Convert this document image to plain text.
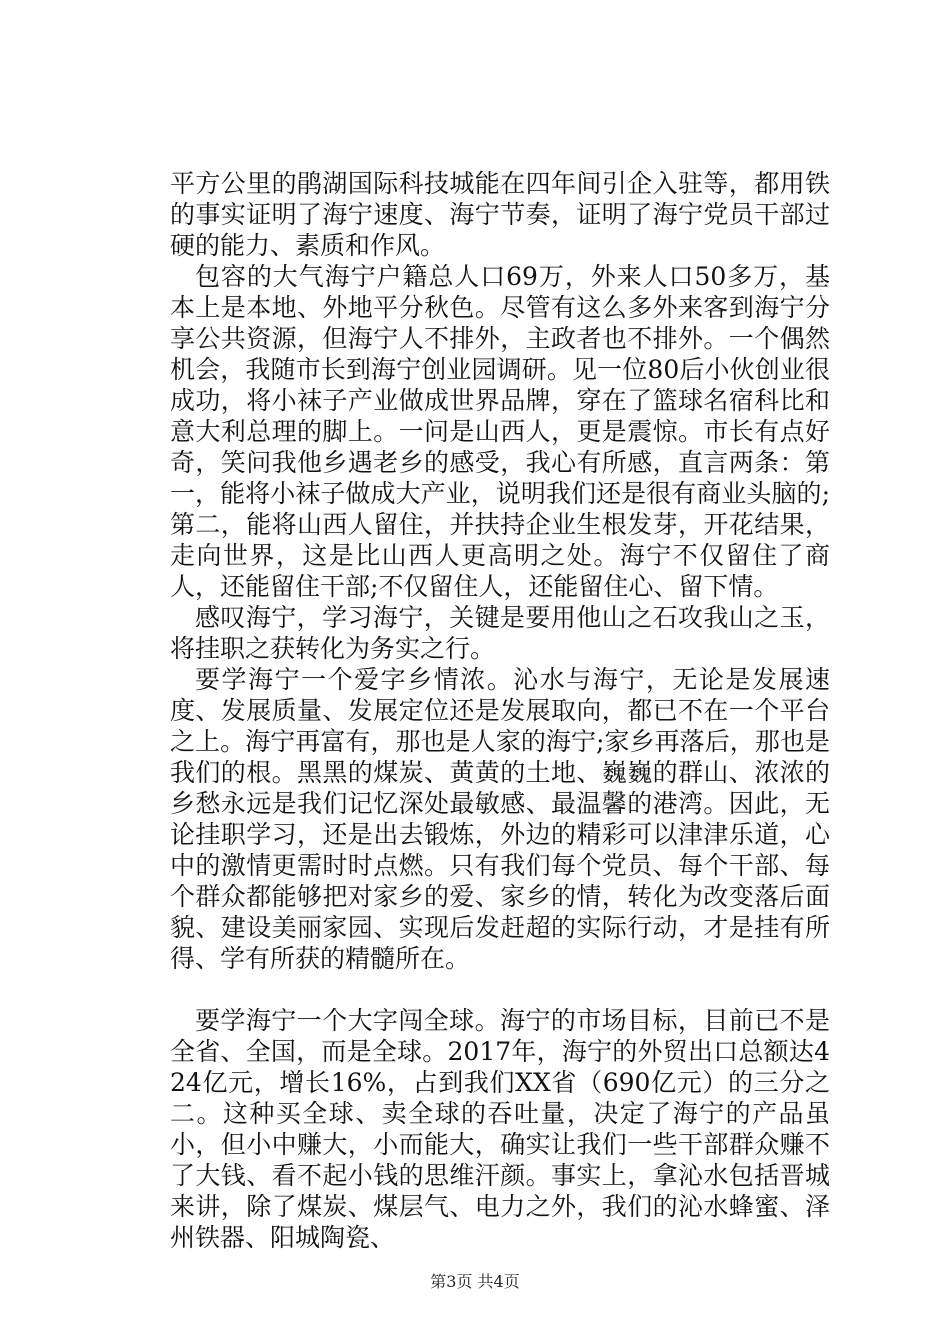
平方公里的鹃湖国际科技城能在四年间引企入驻等，都用铁的事实证明了海宁速度、海宁节奏，证明了海宁党员干部过硬的能力、素质和作风。

包容的大气海宁户籍总人口69万，外来人口50多万，基本上是本地、外地平分秋色。尽管有这么多外来客到海宁分享公共资源，但海宁人不排外，主政者也不排外。一个偶然机会，我随市长到海宁创业园调研。见一位80后小伙创业很成功，将小袜子产业做成世界品牌，穿在了篮球名宿科比和意大利总理的脚上。一问是山西人，更是震惊。市长有点好奇，笑问我他乡遇老乡的感受，我心有所感，直言两条：第一，能将小袜子做成大产业，说明我们还是很有商业头脑的;第二，能将山西人留住，并扶持企业生根发芽，开花结果，走向世界，这是比山西人更高明之处。海宁不仅留住了商人，还能留住干部;不仅留住人，还能留住心、留下情。

感叹海宁，学习海宁，关键是要用他山之石攻我山之玉，将挂职之获转化为务实之行。

要学海宁一个爱字乡情浓。沁水与海宁，无论是发展速度、发展质量、发展定位还是发展取向，都已不在一个平台之上。海宁再富有，那也是人家的海宁;家乡再落后，那也是我们的根。黑黑的煤炭、黄黄的土地、巍巍的群山、浓浓的乡愁永远是我们记忆深处最敏感、最温馨的港湾。因此，无论挂职学习，还是出去锻炼，外边的精彩可以津津乐道，心中的激情更需时时点燃。只有我们每个党员、每个干部、每个群众都能够把对家乡的爱、家乡的情，转化为改变落后面貌、建设美丽家园、实现后发赶超的实际行动，才是挂有所得、学有所获的精髓所在。

要学海宁一个大字闯全球。海宁的市场目标，目前已不是全省、全国，而是全球。2017年，海宁的外贸出口总额达424亿元，增长16%，占到我们XX省（690亿元）的三分之二。这种买全球、卖全球的吞吐量，决定了海宁的产品虽小，但小中赚大，小而能大，确实让我们一些干部群众赚不了大钱、看不起小钱的思维汗颜。事实上，拿沁水包括晋城来讲，除了煤炭、煤层气、电力之外，我们的沁水蜂蜜、泽州铁器、阳城陶瓷、

第3页 共4页
